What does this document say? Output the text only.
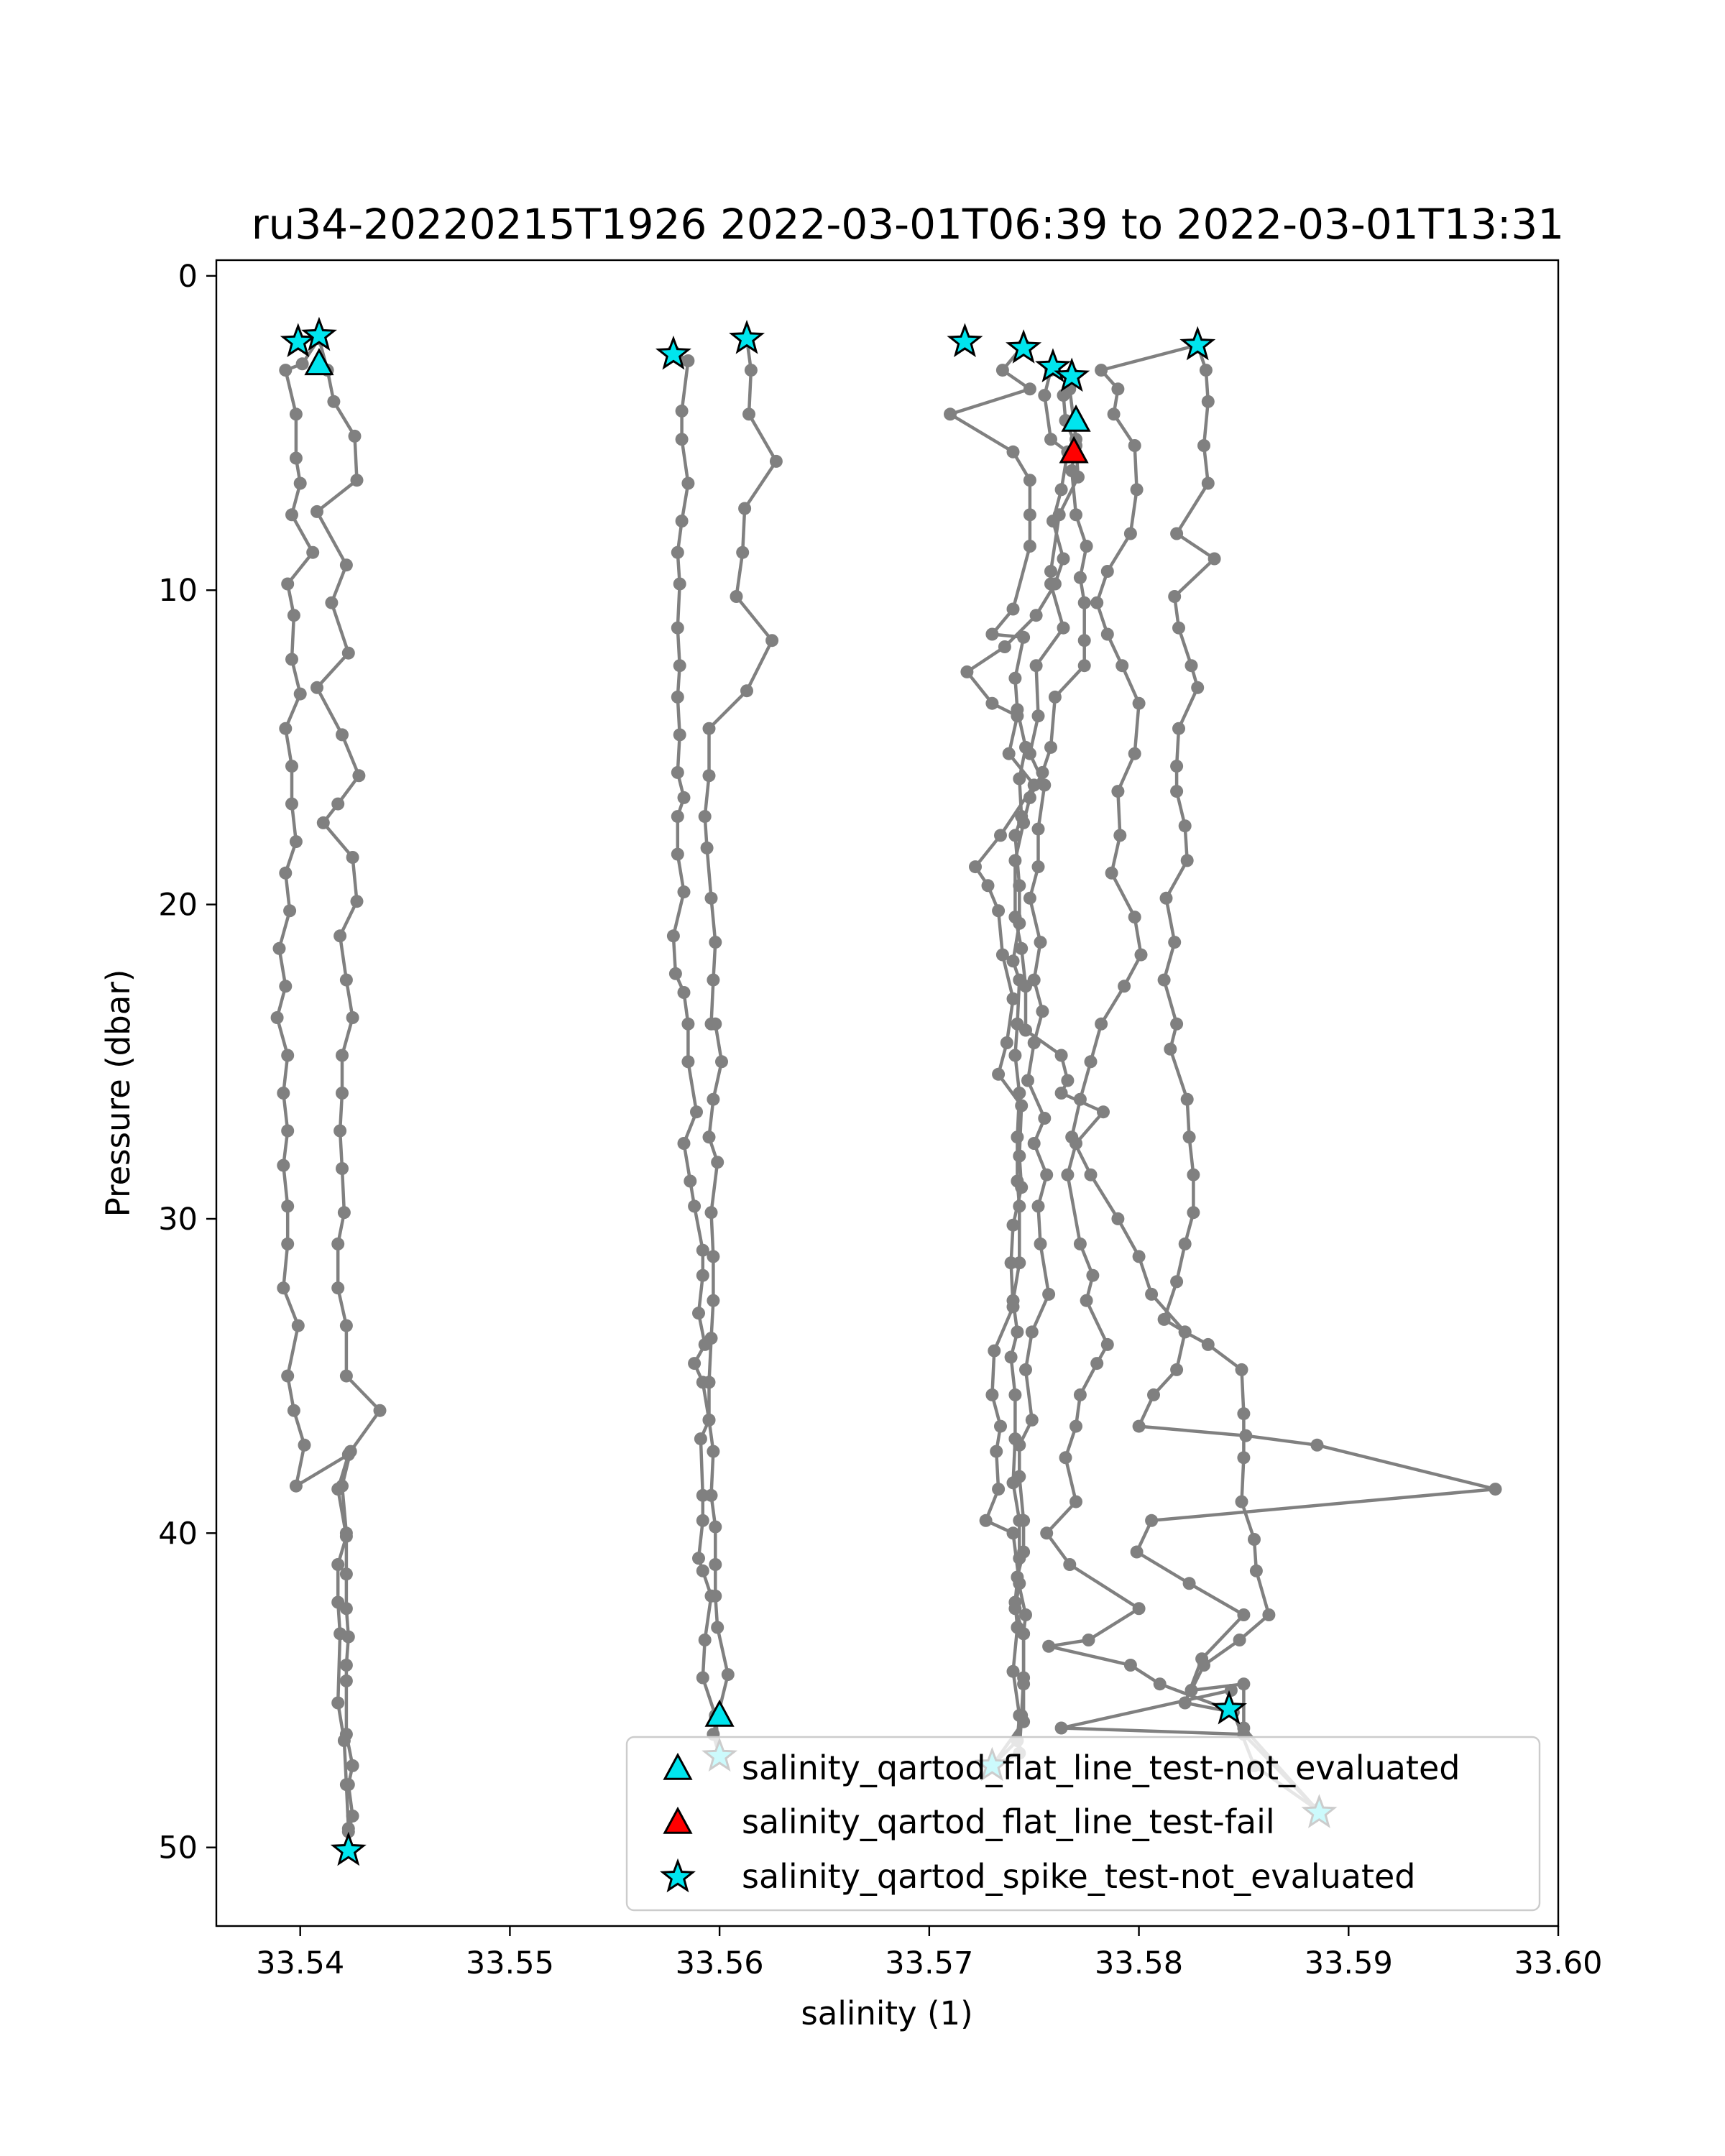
ru34-20220215T1926 2022-03-01T06:39 to 2022-03-01T13:31
33.54	33.55	33.56	33.57	33.58	33.59	33.60
0
10
20
30
40
50
salinity (1)
Pressure (dbar)
salinity_qartod_flat_line_test-not_evaluated
salinity_qartod_flat_line_test-fail
salinity_qartod_spike_test-not_evaluated
